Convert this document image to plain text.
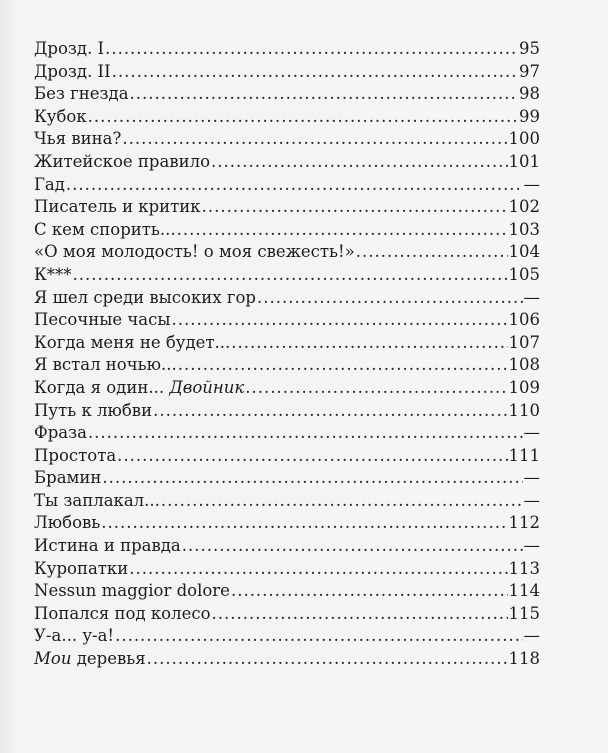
Дрозд. I .....	95
Дрозд. II .....	97
Без гнезда .....	98
Кубок .....	99
Чья вина? .....	100
Житейское правило .....	101
Гад .....	—
Писатель и критик .....	102
С кем спорить... .....	103
«О моя молодость! о моя свежесть!» .....	104
К*** .....	105
Я шел среди высоких гор .....	—
Песочные часы .....	106
Когда меня не будет... .....	107
Я встал ночью... .....	108
Когда я один... Двойник .....	109
Путь к любви .....	110
Фраза .....	—
Простота .....	111
Брамин .....	—
Ты заплакал... .....	—
Любовь .....	112
Истина и правда .....	—
Куропатки .....	113
Nessun maggior dolore .....	114
Попался под колесо .....	115
У-а... у-а! .....	—
Мои деревья .....	118
